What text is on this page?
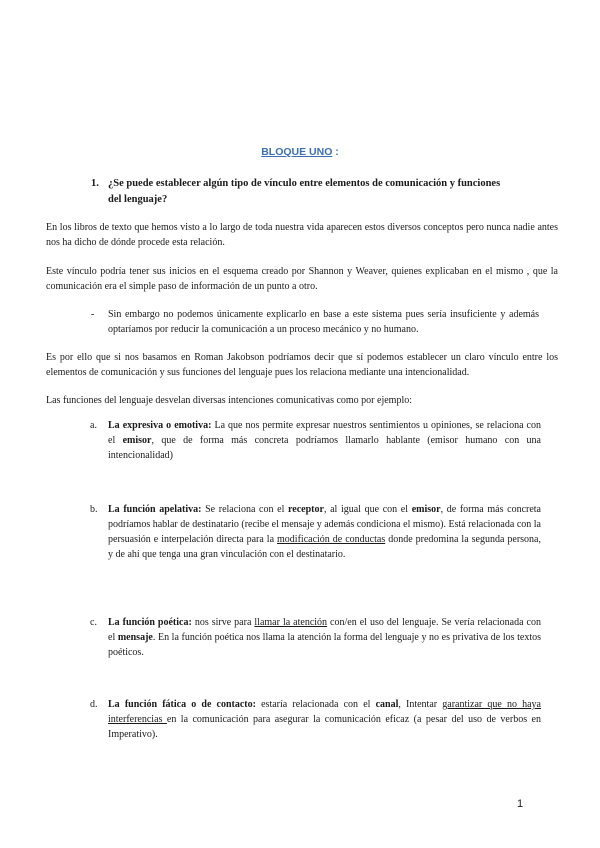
BLOQUE UNO :
1. ¿Se puede establecer algún tipo de vínculo entre elementos de comunicación y funciones del lenguaje?
En los libros de texto que hemos visto a lo largo de toda nuestra vida aparecen estos diversos conceptos pero nunca nadie antes nos ha dicho de dónde procede esta relación.
Este vínculo podría tener sus inicios en el esquema creado por Shannon y Weaver, quienes explicaban en el mismo , que la comunicación era el simple paso de información de un punto a otro.
- Sin embargo no podemos únicamente explicarlo en base a este sistema pues sería insuficiente y además optaríamos por reducir la comunicación a un proceso mecánico y no humano.
Es por ello que si nos basamos en Roman Jakobson podríamos decir que sí podemos establecer un claro vínculo entre los elementos de comunicación y sus funciones del lenguaje pues los relaciona mediante una intencionalidad.
Las funciones del lenguaje desvelan diversas intenciones comunicativas como por ejemplo:
a. La expresiva o emotiva: La que nos permite expresar nuestros sentimientos u opiniones, se relaciona con el emisor, que de forma más concreta podríamos llamarlo hablante (emisor humano con una intencionalidad)
b. La función apelativa: Se relaciona con el receptor, al igual que con el emisor, de forma más concreta podríamos hablar de destinatario (recibe el mensaje y además condiciona el mismo). Está relacionada con la persuasión e interpelación directa para la modificación de conductas donde predomina la segunda persona, y de ahí que tenga una gran vinculación con el destinatario.
c. La función poética: nos sirve para llamar la atención con/en el uso del lenguaje. Se vería relacionada con el mensaje. En la función poética nos llama la atención la forma del lenguaje y no es privativa de los textos poéticos.
d. La función fática o de contacto: estaría relacionada con el canal, Intentar garantizar que no haya interferencias en la comunicación para asegurar la comunicación eficaz (a pesar del uso de verbos en Imperativo).
1
